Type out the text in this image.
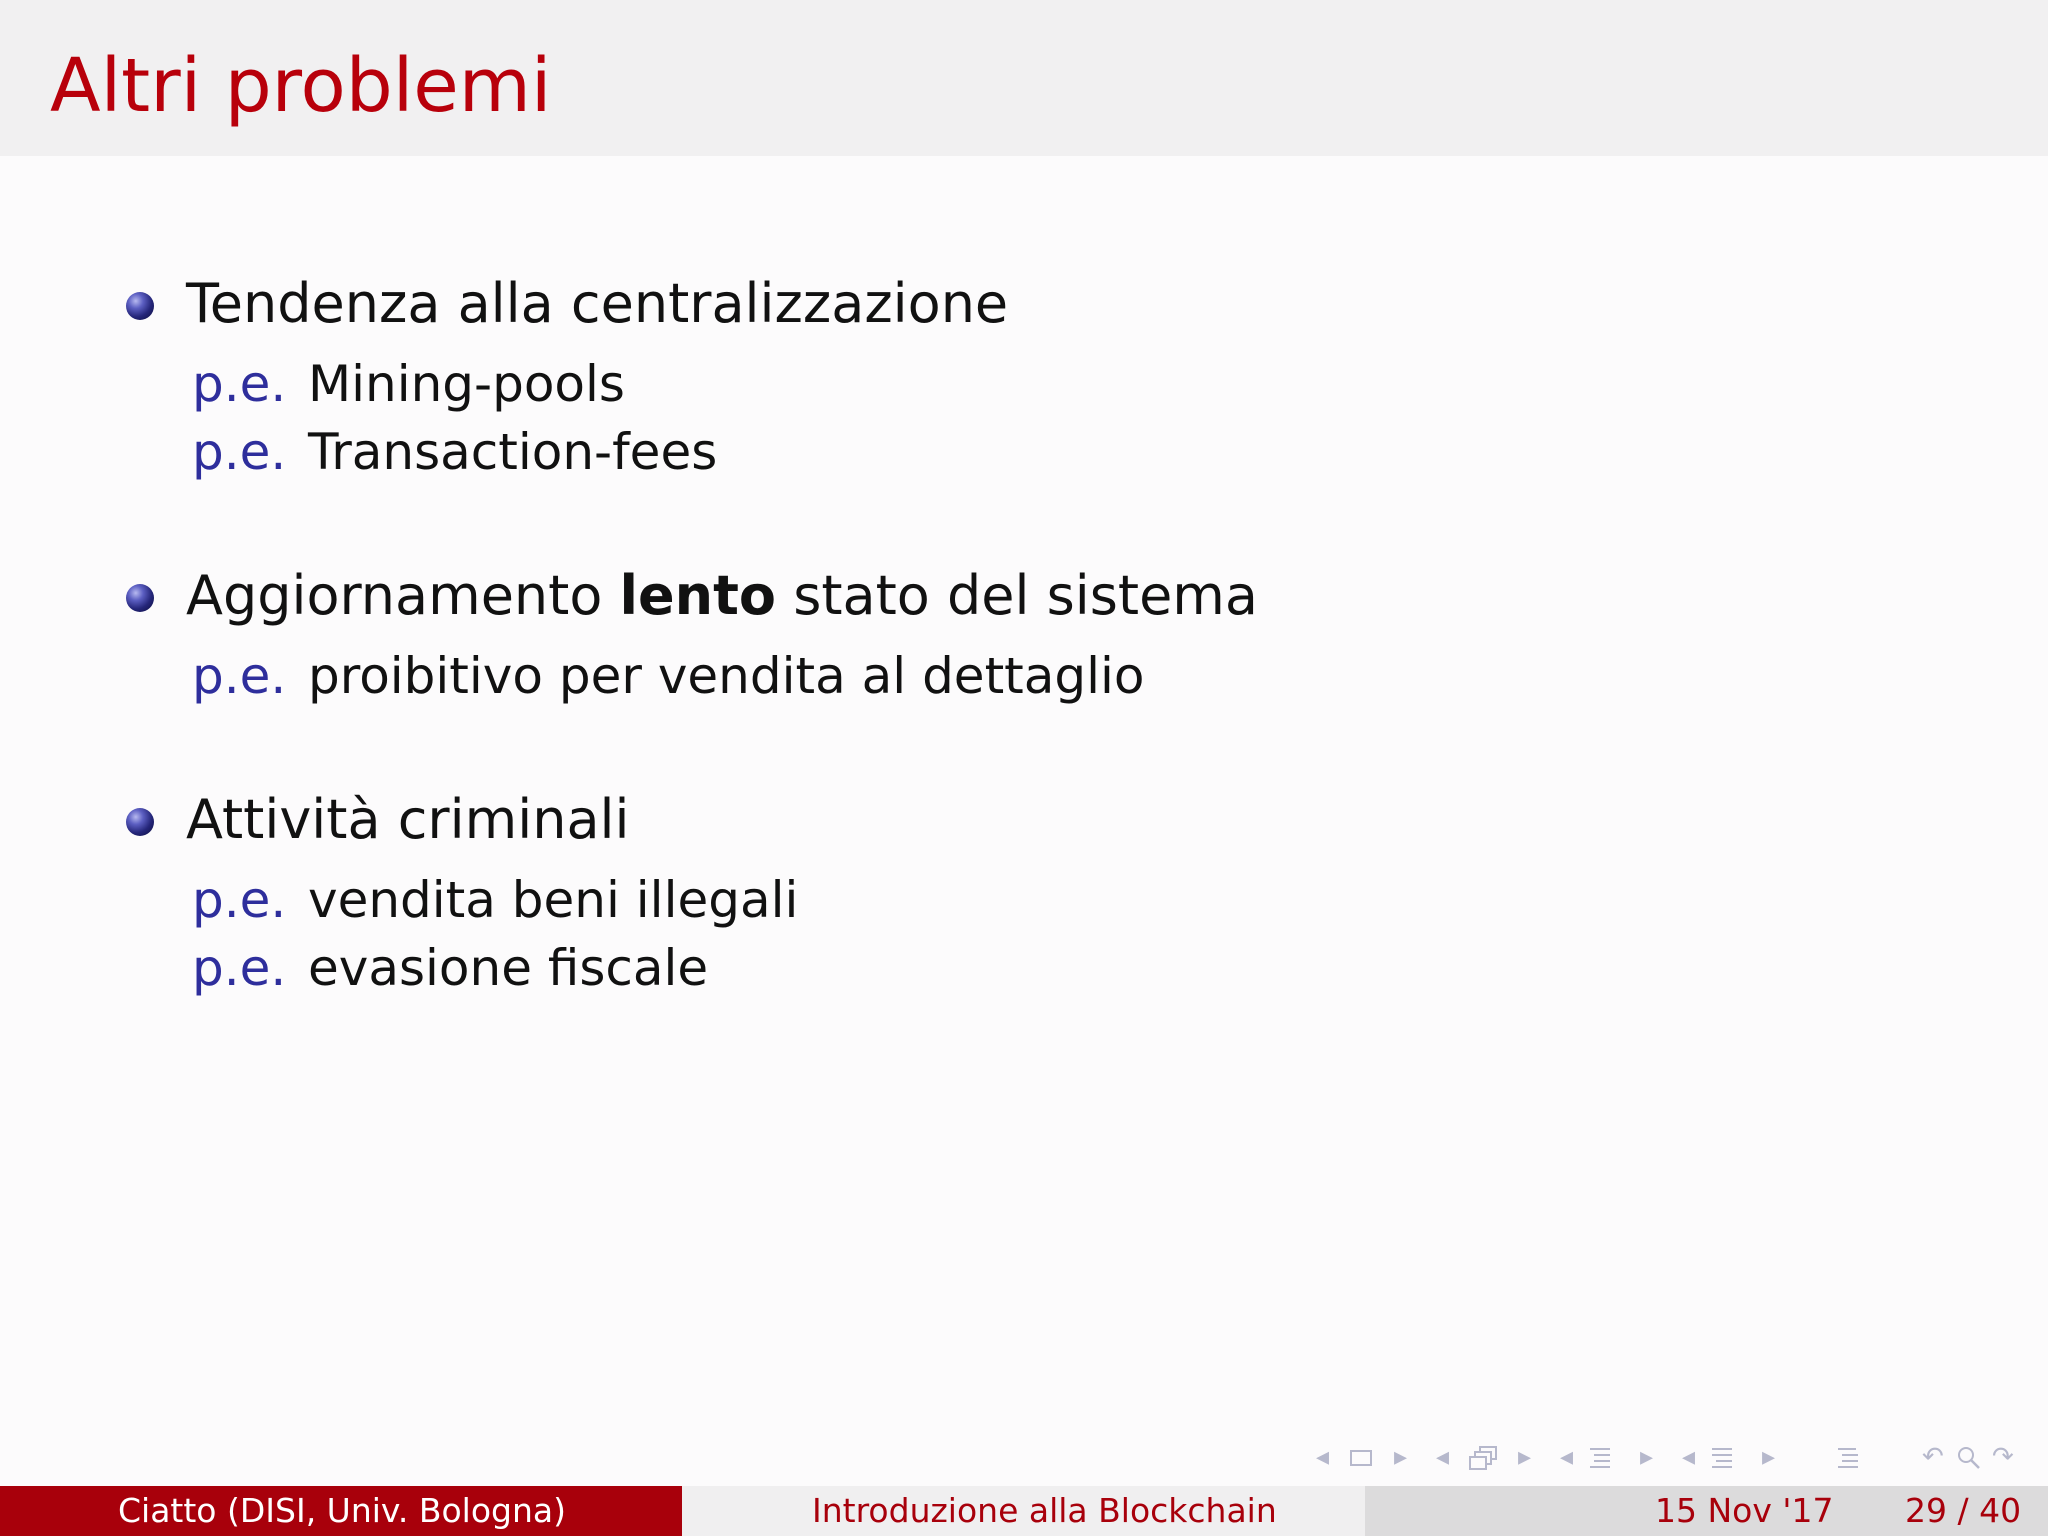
Altri problemi
Tendenza alla centralizzazione
p.e. Mining-pools
p.e. Transaction-fees
Aggiornamento lento stato del sistema
p.e. proibitivo per vendita al dettaglio
Attività criminali
p.e. vendita beni illegali
p.e. evasione fiscale
◂ ▸ ◂	▸ ◂	▸ ◂	▸	↶ ↷
Ciatto (DISI, Univ. Bologna)	Introduzione alla Blockchain	15 Nov '17 29 / 40
